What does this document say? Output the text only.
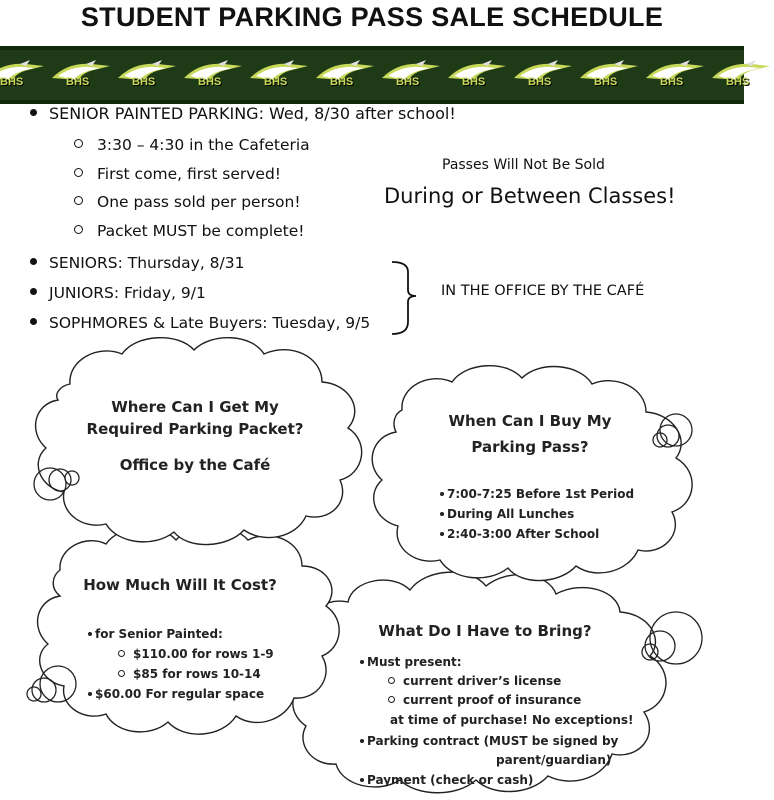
STUDENT PARKING PASS SALE SCHEDULE
BHS	BHS	BHS	BHS	BHS	BHS	BHS	BHS	BHS	BHS	BHS	BHS
SENIOR PAINTED PARKING: Wed, 8/30 after school!
3:30 – 4:30 in the Cafeteria
First come, first served!
One pass sold per person!
Packet MUST be complete!
SENIORS: Thursday, 8/31
JUNIORS: Friday, 9/1
SOPHMORES & Late Buyers: Tuesday, 9/5
Passes Will Not Be Sold
During or Between Classes!
IN THE OFFICE BY THE CAFÉ
Where Can I Get My
Required Parking Packet?
Office by the Café
When Can I Buy My
Parking Pass?
7:00-7:25 Before 1st Period
During All Lunches
2:40-3:00 After School
How Much Will It Cost?
for Senior Painted:
$110.00 for rows 1-9
$85 for rows 10-14
$60.00 For regular space
What Do I Have to Bring?
Must present:
current driver’s license
current proof of insurance
at time of purchase! No exceptions!
Parking contract (MUST be signed by
parent/guardian)
Payment (check or cash)
